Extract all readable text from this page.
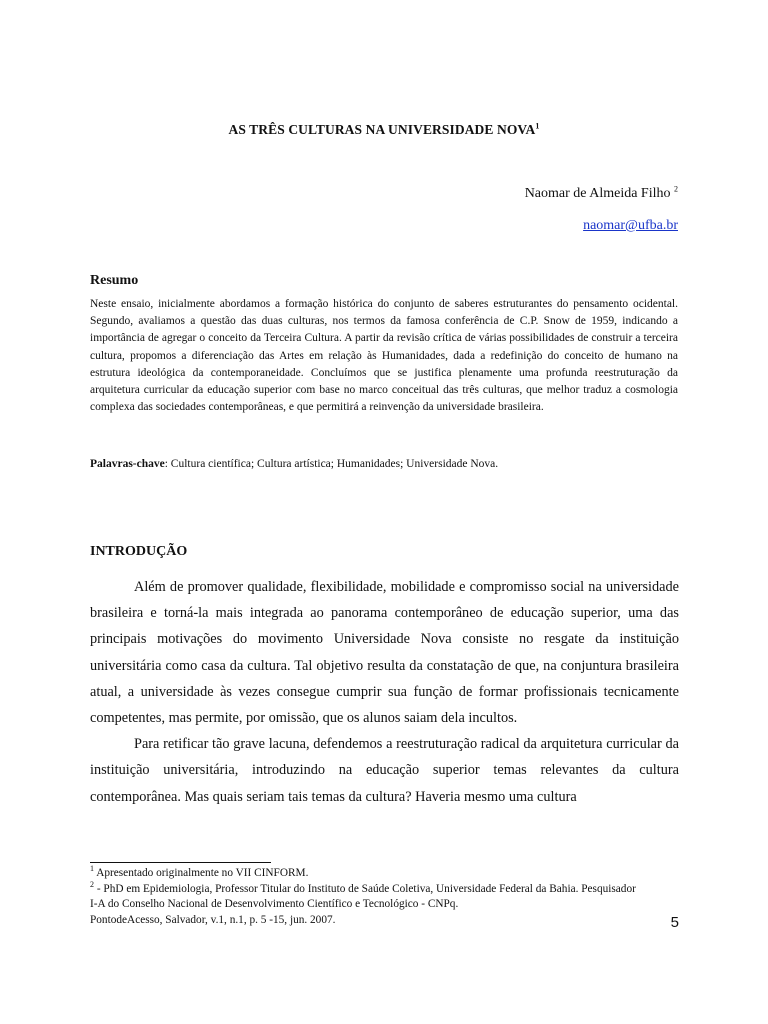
AS TRÊS CULTURAS NA UNIVERSIDADE NOVA$^1$
Naomar de Almeida Filho $^2$
naomar@ufba.br
Resumo
Neste ensaio, inicialmente abordamos a formação histórica do conjunto de saberes estruturantes do pensamento ocidental. Segundo, avaliamos a questão das duas culturas, nos termos da famosa conferência de C.P. Snow de 1959, indicando a importância de agregar o conceito da Terceira Cultura. A partir da revisão crítica de várias possibilidades de construir a terceira cultura, propomos a diferenciação das Artes em relação às Humanidades, dada a redefinição do conceito de humano na estrutura ideológica da contemporaneidade. Concluímos que se justifica plenamente uma profunda reestruturação da arquitetura curricular da educação superior com base no marco conceitual das três culturas, que melhor traduz a cosmologia complexa das sociedades contemporâneas, e que permitirá a reinvenção da universidade brasileira.
Palavras-chave: Cultura científica; Cultura artística; Humanidades; Universidade Nova.
INTRODUÇÃO

Além de promover qualidade, flexibilidade, mobilidade e compromisso social na universidade brasileira e torná-la mais integrada ao panorama contemporâneo de educação superior, uma das principais motivações do movimento Universidade Nova consiste no resgate da instituição universitária como casa da cultura. Tal objetivo resulta da constatação de que, na conjuntura brasileira atual, a universidade às vezes consegue cumprir sua função de formar profissionais tecnicamente competentes, mas permite, por omissão, que os alunos saiam dela incultos.

Para retificar tão grave lacuna, defendemos a reestruturação radical da arquitetura curricular da instituição universitária, introduzindo na educação superior temas relevantes da cultura contemporânea. Mas quais seriam tais temas da cultura? Haveria mesmo uma cultura

$^1$ Apresentado originalmente no VII CINFORM.
$^2$ - PhD em Epidemiologia, Professor Titular do Instituto de Saúde Coletiva, Universidade Federal da Bahia. Pesquisador
I-A do Conselho Nacional de Desenvolvimento Científico e Tecnológico - CNPq.
PontodeAcesso, Salvador, v.1, n.1, p. 5 -15, jun. 2007.	5
